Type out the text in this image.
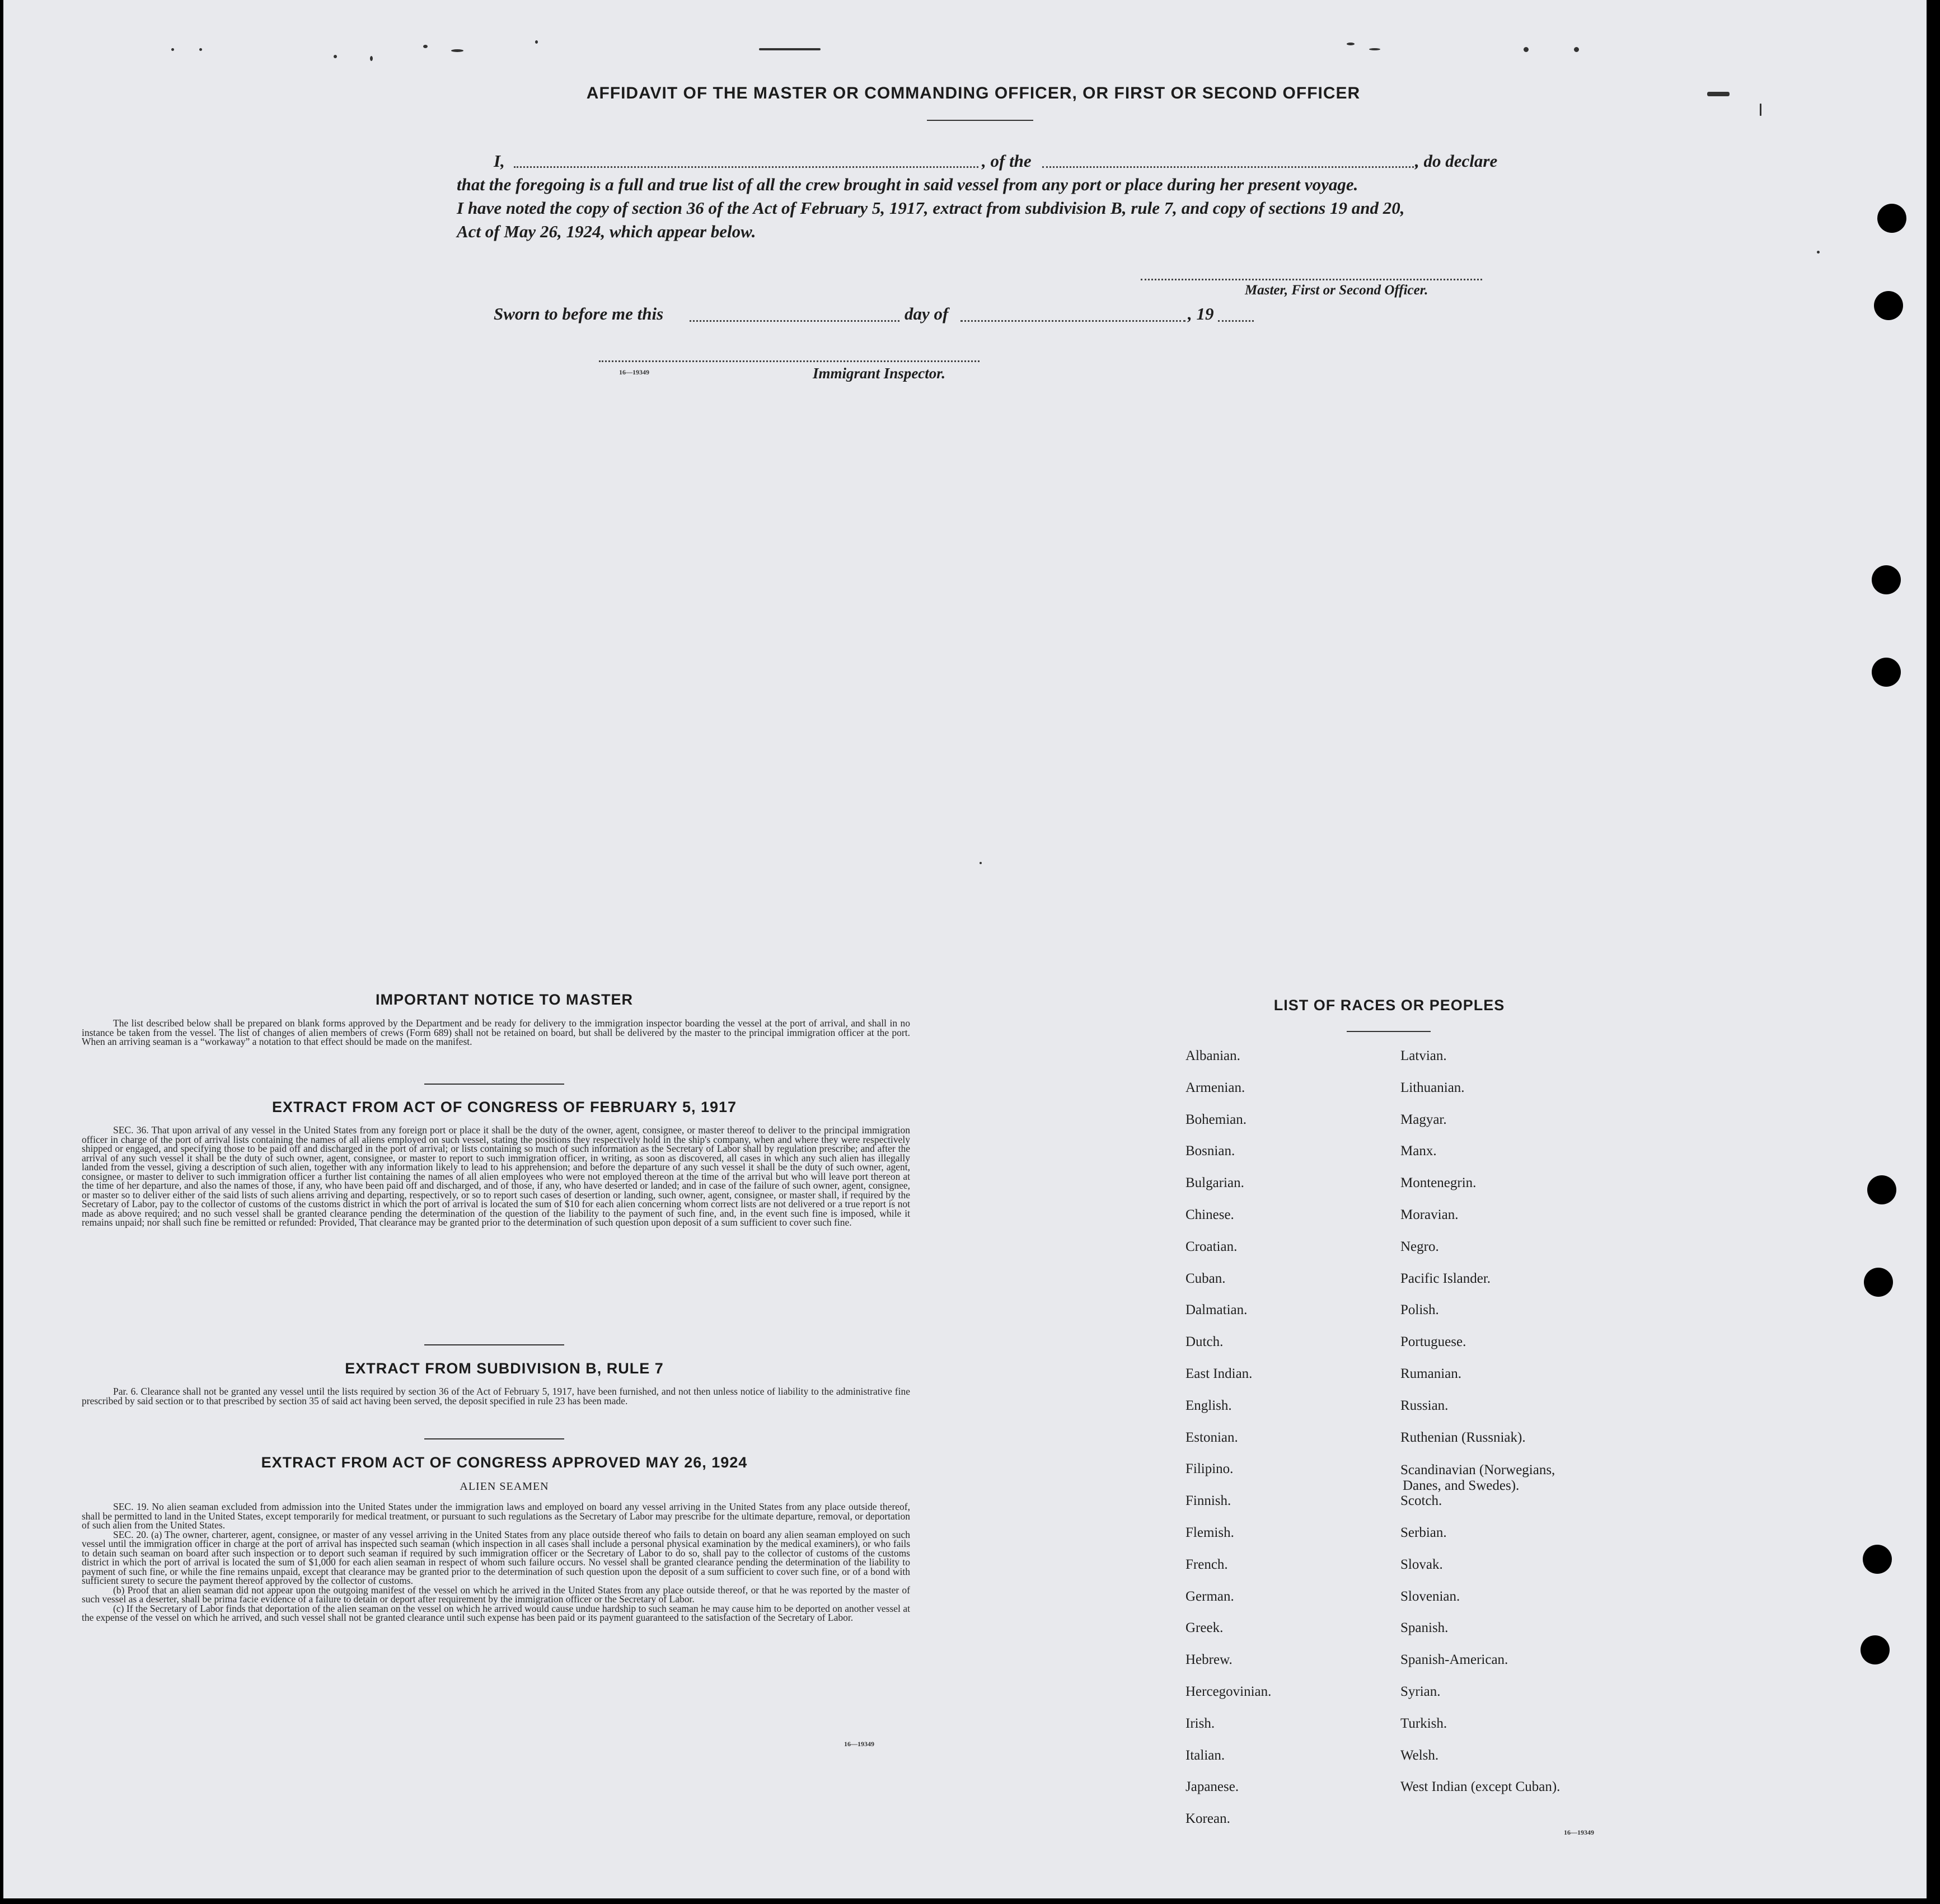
AFFIDAVIT OF THE MASTER OR COMMANDING OFFICER, OR FIRST OR SECOND OFFICER
I,	, of the	, do declare
that the foregoing is a full and true list of all the crew brought in said vessel from any port or place during her present voyage.
I have noted the copy of section 36 of the Act of February 5, 1917, extract from subdivision B, rule 7, and copy of sections 19 and 20,
Act of May 26, 1924, which appear below.
Master, First or Second Officer.
Sworn to before me this	day of	, 19
16—19349	Immigrant Inspector.
IMPORTANT NOTICE TO MASTER
The list described below shall be prepared on blank forms approved by the Department and be ready for delivery to the immigration inspector boarding the vessel at the port of arrival, and shall in no instance be taken from the vessel. The list of changes of alien members of crews (Form 689) shall not be retained on board, but shall be delivered by the master to the principal immigration officer at the port. When an arriving seaman is a “workaway” a notation to that effect should be made on the manifest.
EXTRACT FROM ACT OF CONGRESS OF FEBRUARY 5, 1917
SEC. 36. That upon arrival of any vessel in the United States from any foreign port or place it shall be the duty of the owner, agent, consignee, or master thereof to deliver to the principal immigration officer in charge of the port of arrival lists containing the names of all aliens employed on such vessel, stating the positions they respectively hold in the ship's company, when and where they were respectively shipped or engaged, and specifying those to be paid off and discharged in the port of arrival; or lists containing so much of such information as the Secretary of Labor shall by regulation prescribe; and after the arrival of any such vessel it shall be the duty of such owner, agent, consignee, or master to report to such immigration officer, in writing, as soon as discovered, all cases in which any such alien has illegally landed from the vessel, giving a description of such alien, together with any information likely to lead to his apprehension; and before the departure of any such vessel it shall be the duty of such owner, agent, consignee, or master to deliver to such immigration officer a further list containing the names of all alien employees who were not employed thereon at the time of the arrival but who will leave port thereon at the time of her departure, and also the names of those, if any, who have been paid off and discharged, and of those, if any, who have deserted or landed; and in case of the failure of such owner, agent, consignee, or master so to deliver either of the said lists of such aliens arriving and departing, respectively, or so to report such cases of desertion or landing, such owner, agent, consignee, or master shall, if required by the Secretary of Labor, pay to the collector of customs of the customs district in which the port of arrival is located the sum of $10 for each alien concerning whom correct lists are not delivered or a true report is not made as above required; and no such vessel shall be granted clearance pending the determination of the question of the liability to the payment of such fine, and, in the event such fine is imposed, while it remains unpaid; nor shall such fine be remitted or refunded: Provided, That clearance may be granted prior to the determination of such question upon deposit of a sum sufficient to cover such fine.
EXTRACT FROM SUBDIVISION B, RULE 7
Par. 6. Clearance shall not be granted any vessel until the lists required by section 36 of the Act of February 5, 1917, have been furnished, and not then unless notice of liability to the administrative fine prescribed by said section or to that prescribed by section 35 of said act having been served, the deposit specified in rule 23 has been made.
EXTRACT FROM ACT OF CONGRESS APPROVED MAY 26, 1924
ALIEN SEAMEN
SEC. 19. No alien seaman excluded from admission into the United States under the immigration laws and employed on board any vessel arriving in the United States from any place outside thereof, shall be permitted to land in the United States, except temporarily for medical treatment, or pursuant to such regulations as the Secretary of Labor may prescribe for the ultimate departure, removal, or deportation of such alien from the United States.
SEC. 20. (a) The owner, charterer, agent, consignee, or master of any vessel arriving in the United States from any place outside thereof who fails to detain on board any alien seaman employed on such vessel until the immigration officer in charge at the port of arrival has inspected such seaman (which inspection in all cases shall include a personal physical examination by the medical examiners), or who fails to detain such seaman on board after such inspection or to deport such seaman if required by such immigration officer or the Secretary of Labor to do so, shall pay to the collector of customs of the customs district in which the port of arrival is located the sum of $1,000 for each alien seaman in respect of whom such failure occurs. No vessel shall be granted clearance pending the determination of the liability to payment of such fine, or while the fine remains unpaid, except that clearance may be granted prior to the determination of such question upon the deposit of a sum sufficient to cover such fine, or of a bond with sufficient surety to secure the payment thereof approved by the collector of customs.
(b) Proof that an alien seaman did not appear upon the outgoing manifest of the vessel on which he arrived in the United States from any place outside thereof, or that he was reported by the master of such vessel as a deserter, shall be prima facie evidence of a failure to detain or deport after requirement by the immigration officer or the Secretary of Labor.
(c) If the Secretary of Labor finds that deportation of the alien seaman on the vessel on which he arrived would cause undue hardship to such seaman he may cause him to be deported on another vessel at the expense of the vessel on which he arrived, and such vessel shall not be granted clearance until such expense has been paid or its payment guaranteed to the satisfaction of the Secretary of Labor.
16—19349
LIST OF RACES OR PEOPLES
16—19349
Albanian.
Armenian.
Bohemian.
Bosnian.
Bulgarian.
Chinese.
Croatian.
Cuban.
Dalmatian.
Dutch.
East Indian.
English.
Estonian.
Filipino.
Finnish.
Flemish.
French.
German.
Greek.
Hebrew.
Hercegovinian.
Irish.
Italian.
Japanese.
Korean.
Latvian.
Lithuanian.
Magyar.
Manx.
Montenegrin.
Moravian.
Negro.
Pacific Islander.
Polish.
Portuguese.
Rumanian.
Russian.
Ruthenian (Russniak).
Scandinavian (Norwegians,
Danes, and Swedes).
Scotch.
Serbian.
Slovak.
Slovenian.
Spanish.
Spanish-American.
Syrian.
Turkish.
Welsh.
West Indian (except Cuban).
